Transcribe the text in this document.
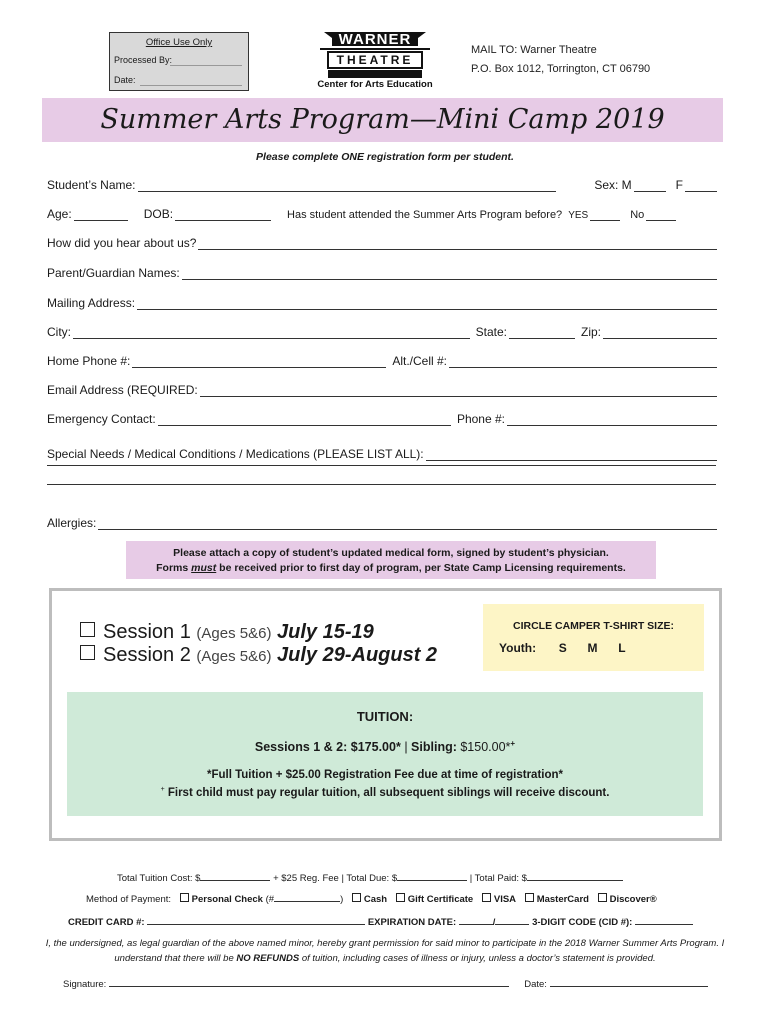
Office Use Only
Processed By:
Date:
WARNER
THEATRE
Center for Arts Education
MAIL TO: Warner Theatre
P.O. Box 1012, Torrington, CT 06790
Summer Arts Program—Mini Camp 2019
Please complete ONE registration form per student.
Student’s Name:	Sex: M	F
Age:	DOB:	Has student attended the Summer Arts Program before? YES	No
How did you hear about us?
Parent/Guardian Names:
Mailing Address:
City:	State:	Zip:
Home Phone #:	Alt./Cell #:
Email Address (REQUIRED:
Emergency Contact:	Phone #:
Special Needs / Medical Conditions / Medications (PLEASE LIST ALL):
Allergies:
Please attach a copy of student’s updated medical form, signed by student’s physician.
Forms must be received prior to first day of program, per State Camp Licensing requirements.
Session 1 (Ages 5&6) July 15-19
Session 2 (Ages 5&6) July 29-August 2
CIRCLE CAMPER T-SHIRT SIZE:
Youth: S M L
TUITION:
Sessions 1 & 2: $175.00* | Sibling: $150.00*+
*Full Tuition + $25.00 Registration Fee due at time of registration*
+ First child must pay regular tuition, all subsequent siblings will receive discount.
Total Tuition Cost: $	+ $25 Reg. Fee | Total Due: $	| Total Paid: $
Method of Payment: Personal Check (#	) Cash Gift Certificate VISA MasterCard Discover®
CREDIT CARD #:	EXPIRATION DATE:	/	3-DIGIT CODE (CID #):
I, the undersigned, as legal guardian of the above named minor, hereby grant permission for said minor to participate in the 2018 Warner Summer Arts Program. I understand that there will be NO REFUNDS of tuition, including cases of illness or injury, unless a doctor’s statement is provided.
Signature:	Date:
